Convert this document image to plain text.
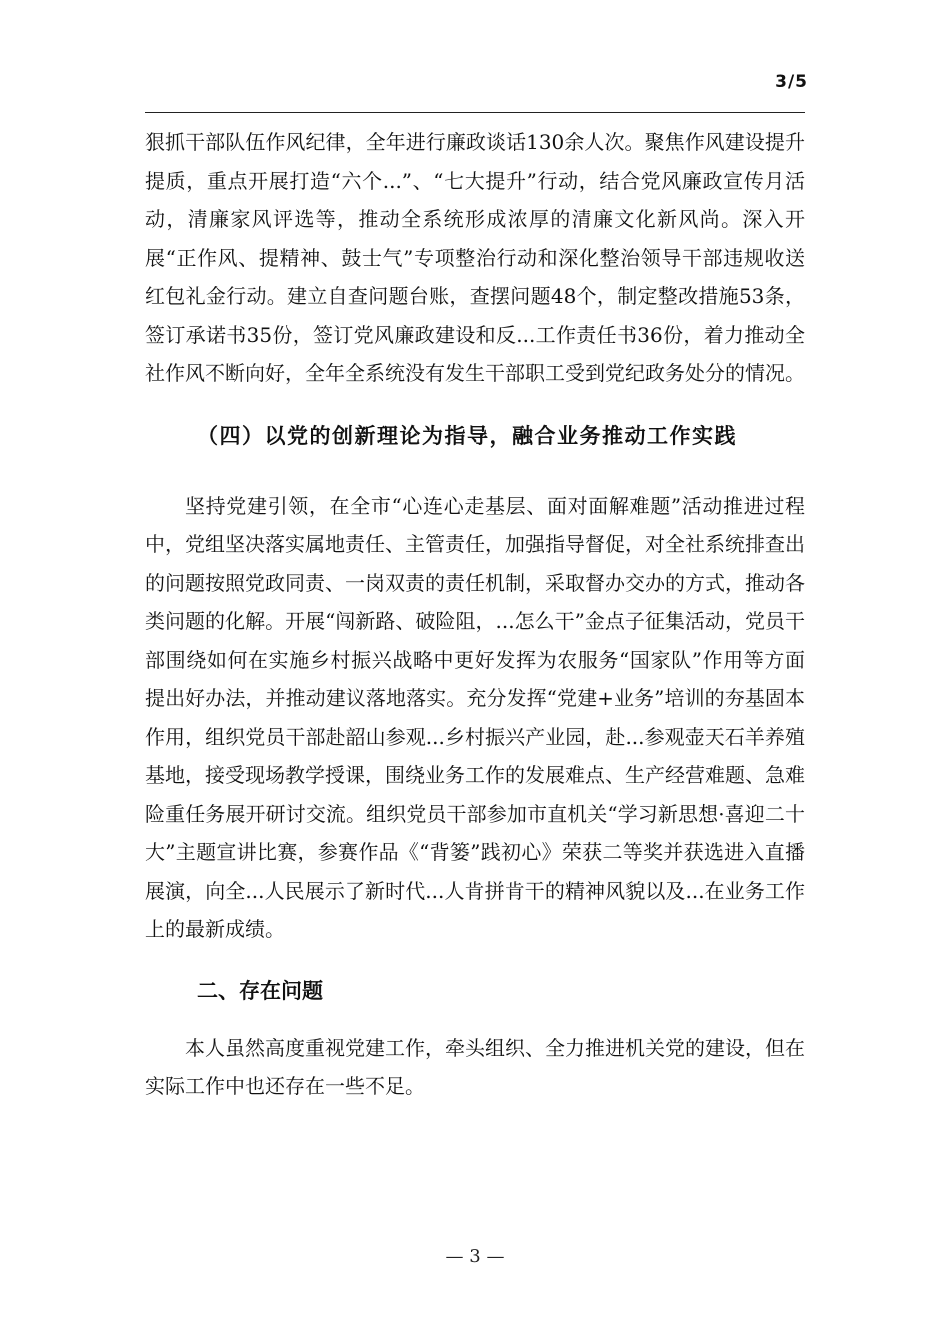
3/5

狠抓干部队伍作风纪律，全年进行廉政谈话130余人次。聚焦作风建设提升提质，重点开展打造“六个...”、“七大提升”行动，结合党风廉政宣传月活动，清廉家风评选等，推动全系统形成浓厚的清廉文化新风尚。深入开展“正作风、提精神、鼓士气”专项整治行动和深化整治领导干部违规收送红包礼金行动。建立自查问题台账，查摆问题48个，制定整改措施53条，签订承诺书35份，签订党风廉政建设和反...工作责任书36份，着力推动全社作风不断向好，全年全系统没有发生干部职工受到党纪政务处分的情况。

（四）以党的创新理论为指导，融合业务推动工作实践

坚持党建引领，在全市“心连心走基层、面对面解难题”活动推进过程中，党组坚决落实属地责任、主管责任，加强指导督促，对全社系统排查出的问题按照党政同责、一岗双责的责任机制，采取督办交办的方式，推动各类问题的化解。开展“闯新路、破险阻，...怎么干”金点子征集活动，党员干部围绕如何在实施乡村振兴战略中更好发挥为农服务“国家队”作用等方面提出好办法，并推动建议落地落实。充分发挥“党建+业务”培训的夯基固本作用，组织党员干部赴韶山参观...乡村振兴产业园，赴...参观壶天石羊养殖基地，接受现场教学授课，围绕业务工作的发展难点、生产经营难题、急难险重任务展开研讨交流。组织党员干部参加市直机关“学习新思想·喜迎二十大”主题宣讲比赛，参赛作品《“背篓”践初心》荣获二等奖并获选进入直播展演，向全...人民展示了新时代...人肯拼肯干的精神风貌以及...在业务工作上的最新成绩。

二、存在问题

本人虽然高度重视党建工作，牵头组织、全力推进机关党的建设，但在实际工作中也还存在一些不足。

— 3 —
